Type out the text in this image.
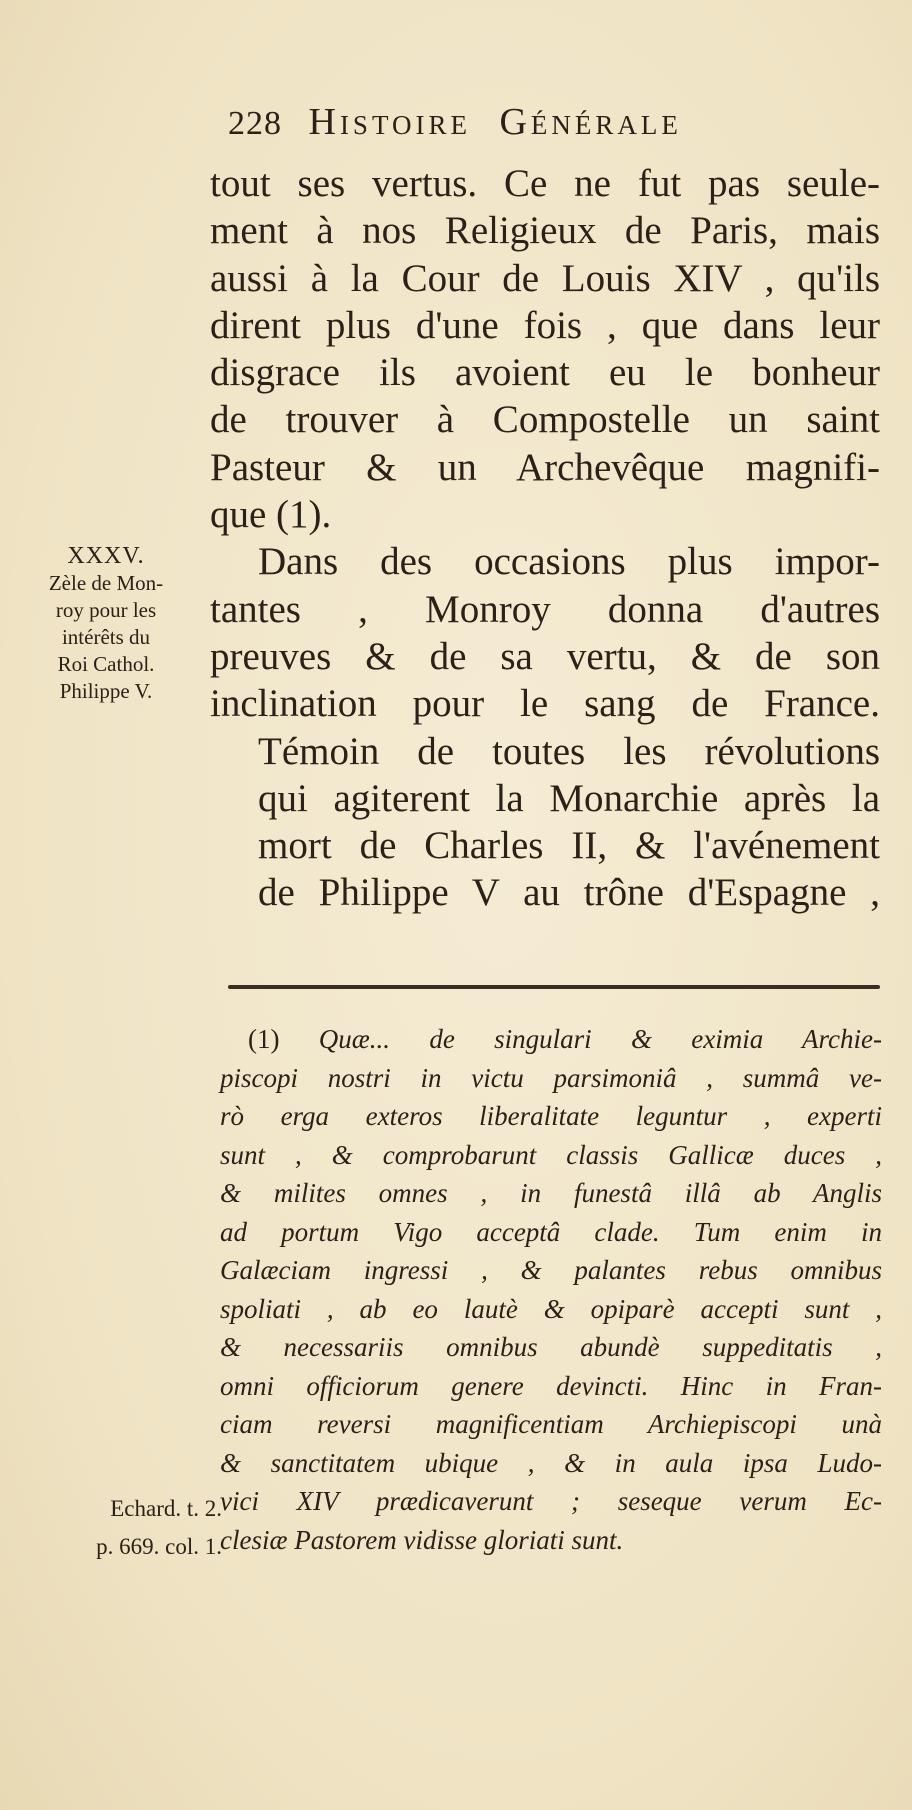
228 Histoire Générale
tout ses vertus. Ce ne fut pas seule-
ment à nos Religieux de Paris, mais
aussi à la Cour de Louis XIV , qu'ils
dirent plus d'une fois , que dans leur
disgrace ils avoient eu le bonheur
de trouver à Compostelle un saint
Pasteur & un Archevêque magnifi-
que (1).
Dans des occasions plus impor-
tantes , Monroy donna d'autres
preuves & de sa vertu, & de son
inclination pour le sang de France.
Témoin de toutes les révolutions
qui agiterent la Monarchie après la
mort de Charles II, & l'avénement
de Philippe V au trône d'Espagne ,
XXXV.
Zèle de Mon-
roy pour les
intérêts du
Roi Cathol.
Philippe V.
(1) Quæ... de singulari & eximia Archie-
piscopi nostri in victu parsimoniâ , summâ ve-
rò erga exteros liberalitate leguntur , experti
sunt , & comprobarunt classis Gallicæ duces ,
& milites omnes , in funestâ illâ ab Anglis
ad portum Vigo acceptâ clade. Tum enim in
Galæciam ingressi , & palantes rebus omnibus
spoliati , ab eo lautè & opiparè accepti sunt ,
& necessariis omnibus abundè suppeditatis ,
omni officiorum genere devincti. Hinc in Fran-
ciam reversi magnificentiam Archiepiscopi unà
& sanctitatem ubique , & in aula ipsa Ludo-
vici XIV prædicaverunt ; seseque verum Ec-
clesiæ Pastorem vidisse gloriati sunt.
Echard. t. 2.
p. 669. col. 1.
